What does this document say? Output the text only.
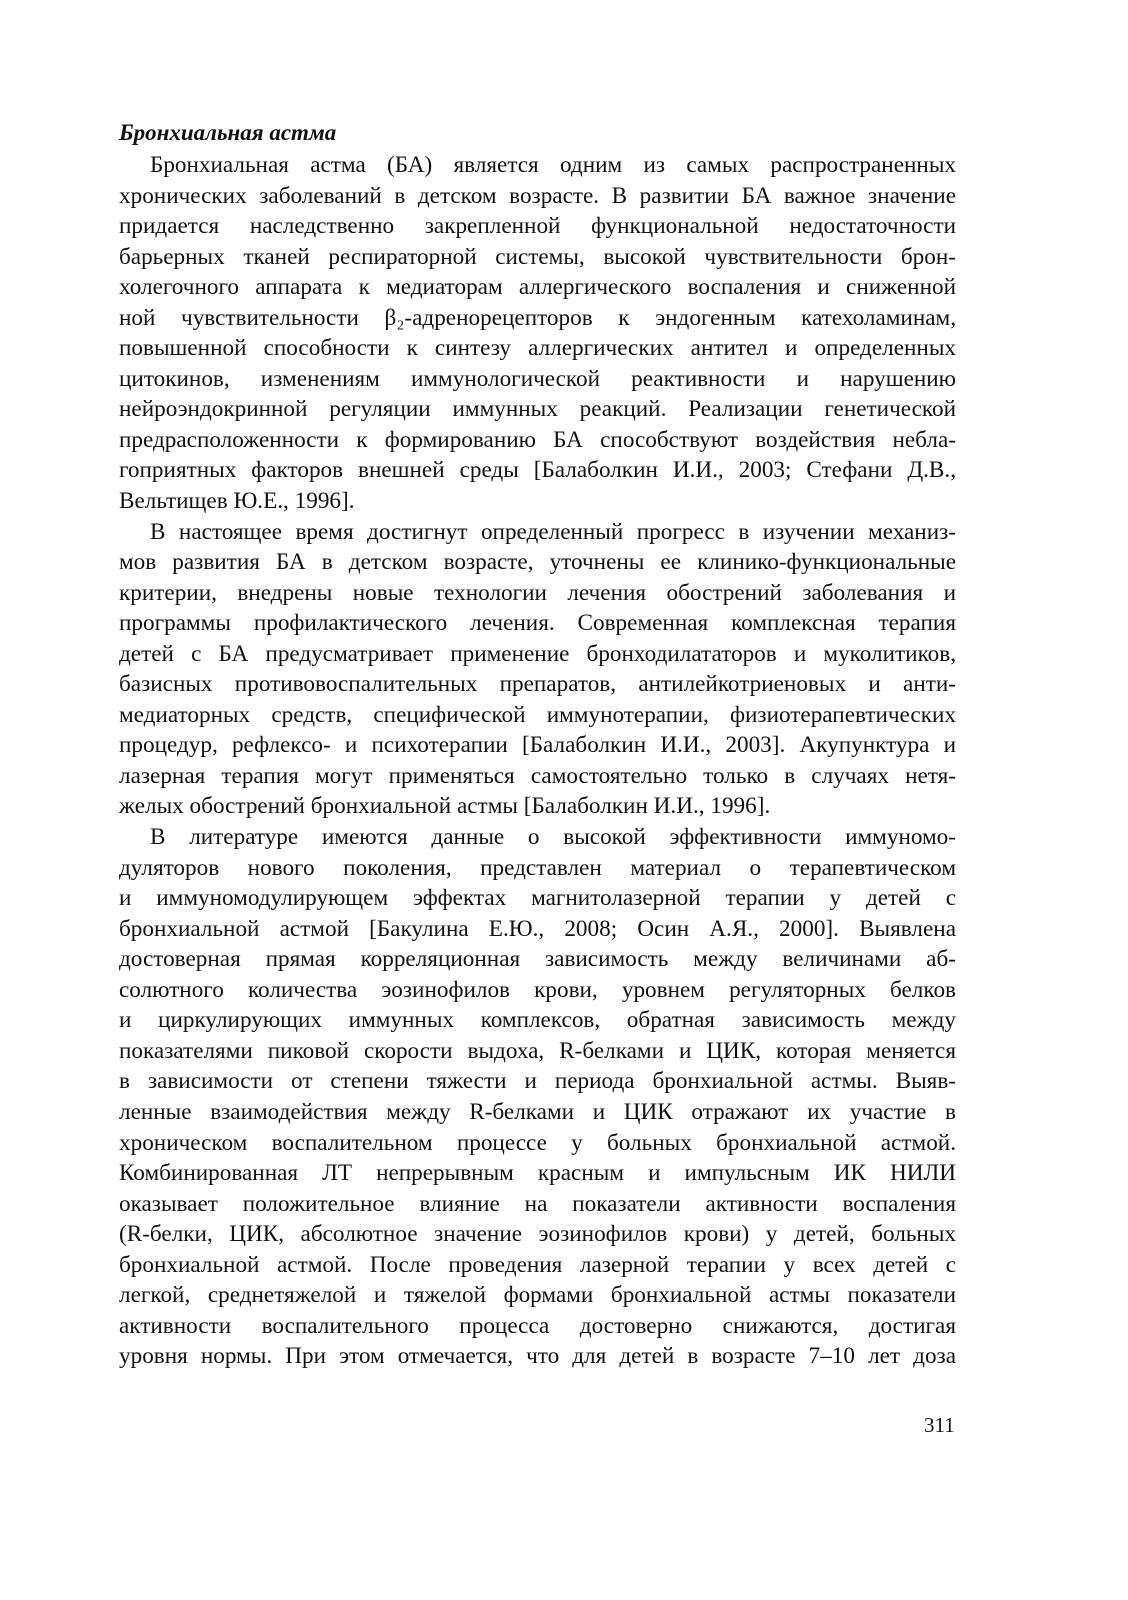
Бронхиальная астма
Бронхиальная астма (БА) является одним из самых распространенных
хронических заболеваний в детском возрасте. В развитии БА важное значение
придается наследственно закрепленной функциональной недостаточности
барьерных тканей респираторной системы, высокой чувствительности брон-
холегочного аппарата к медиаторам аллергического воспаления и сниженной
ной чувствительности β₂-адренорецепторов к эндогенным катехоламинам,
повышенной способности к синтезу аллергических антител и определенных
цитокинов, изменениям иммунологической реактивности и нарушению
нейроэндокринной регуляции иммунных реакций. Реализации генетической
предрасположенности к формированию БА способствуют воздействия небла-
гоприятных факторов внешней среды [Балаболкин И.И., 2003; Стефани Д.В.,
Вельтищев Ю.Е., 1996].
В настоящее время достигнут определенный прогресс в изучении механиз-
мов развития БА в детском возрасте, уточнены ее клинико-функциональные
критерии, внедрены новые технологии лечения обострений заболевания и
программы профилактического лечения. Современная комплексная терапия
детей с БА предусматривает применение бронходилататоров и муколитиков,
базисных противовоспалительных препаратов, антилейкотриеновых и анти-
медиаторных средств, специфической иммунотерапии, физиотерапевтических
процедур, рефлексо- и психотерапии [Балаболкин И.И., 2003]. Акупунктура и
лазерная терапия могут применяться самостоятельно только в случаях нетя-
желых обострений бронхиальной астмы [Балаболкин И.И., 1996].
В литературе имеются данные о высокой эффективности иммуномо-
дуляторов нового поколения, представлен материал о терапевтическом
и иммуномодулирующем эффектах магнитолазерной терапии у детей с
бронхиальной астмой [Бакулина Е.Ю., 2008; Осин А.Я., 2000]. Выявлена
достоверная прямая корреляционная зависимость между величинами аб-
солютного количества эозинофилов крови, уровнем регуляторных белков
и циркулирующих иммунных комплексов, обратная зависимость между
показателями пиковой скорости выдоха, R-белками и ЦИК, которая меняется
в зависимости от степени тяжести и периода бронхиальной астмы. Выяв-
ленные взаимодействия между R-белками и ЦИК отражают их участие в
хроническом воспалительном процессе у больных бронхиальной астмой.
Комбинированная ЛТ непрерывным красным и импульсным ИК НИЛИ
оказывает положительное влияние на показатели активности воспаления
(R-белки, ЦИК, абсолютное значение эозинофилов крови) у детей, больных
бронхиальной астмой. После проведения лазерной терапии у всех детей с
легкой, среднетяжелой и тяжелой формами бронхиальной астмы показатели
активности воспалительного процесса достоверно снижаются, достигая
уровня нормы. При этом отмечается, что для детей в возрасте 7–10 лет доза
311
